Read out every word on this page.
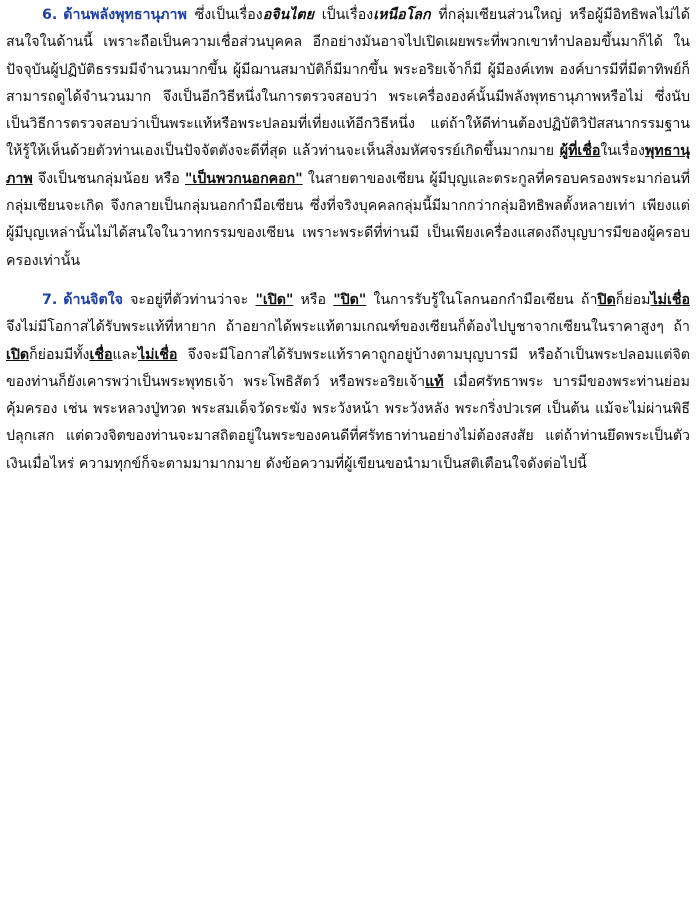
6. ด้านพลังพุทธานุภาพ ซึ่งเป็นเรื่องอจินไตย เป็นเรื่องเหนือโลก ที่กลุ่มเซียนส่วนใหญ่ หรือผู้มีอิทธิพลไม่ได้สนใจในด้านนี้ เพราะถือเป็นความเชื่อส่วนบุคคล อีกอย่างมันอาจไปเปิดเผยพระที่พวกเขาทำปลอมขึ้นมาก็ได้ ในปัจจุบันผู้ปฏิบัติธรรมมีจำนวนมากขึ้น ผู้มีฌานสมาบัติก็มีมากขึ้น พระอริยเจ้าก็มี ผู้มีองค์เทพ องค์บารมีที่มีตาทิพย์ก็สามารถดูได้จำนวนมาก จึงเป็นอีกวิธีหนึ่งในการตรวจสอบว่า พระเครื่ององค์นั้นมีพลังพุทธานุภาพหรือไม่ ซึ่งนับเป็นวิธีการตรวจสอบว่าเป็นพระแท้หรือพระปลอมที่เที่ยงแท้อีกวิธีหนึ่ง แต่ถ้าให้ดีท่านต้องปฏิบัติวิปัสสนากรรมฐานให้รู้ให้เห็นด้วยตัวท่านเองเป็นปัจจัตตังจะดีที่สุด แล้วท่านจะเห็นสิ่งมหัศจรรย์เกิดขึ้นมากมาย ผู้ที่เชื่อในเรื่องพุทธานุภาพ จึงเป็นชนกลุ่มน้อย หรือ "เป็นพวกนอกคอก" ในสายตาของเซียน ผู้มีบุญและตระกูลที่ครอบครองพระมาก่อนที่กลุ่มเซียนจะเกิด จึงกลายเป็นกลุ่มนอกกำมือเซียน ซึ่งที่จริงบุคคลกลุ่มนี้มีมากกว่ากลุ่มอิทธิพลตั้งหลายเท่า เพียงแต่ผู้มีบุญเหล่านั้นไม่ได้สนใจในวาทกรรมของเซียน เพราะพระดีที่ท่านมี เป็นเพียงเครื่องแสดงถึงบุญบารมีของผู้ครอบครองเท่านั้น

7. ด้านจิตใจ จะอยู่ที่ตัวท่านว่าจะ "เปิด" หรือ "ปิด" ในการรับรู้ในโลกนอกกำมือเซียน ถ้าปิดก็ย่อมไม่เชื่อ จึงไม่มีโอกาสได้รับพระแท้ที่หายาก ถ้าอยากได้พระแท้ตามเกณฑ์ของเซียนก็ต้องไปบูชาจากเซียนในราคาสูงๆ ถ้าเปิดก็ย่อมมีทั้งเชื่อและไม่เชื่อ จึงจะมีโอกาสได้รับพระแท้ราคาถูกอยู่บ้างตามบุญบารมี หรือถ้าเป็นพระปลอมแต่จิตของท่านก็ยังเคารพว่าเป็นพระพุทธเจ้า พระโพธิสัตว์ หรือพระอริยเจ้าแท้ เมื่อศรัทธาพระ บารมีของพระท่านย่อมคุ้มครอง เช่น พระหลวงปู่ทวด พระสมเด็จวัดระฆัง พระวังหน้า พระวังหลัง พระกริ่งปวเรศ เป็นต้น แม้จะไม่ผ่านพิธีปลุกเสก แต่ดวงจิตของท่านจะมาสถิตอยู่ในพระของคนดีที่ศรัทธาท่านอย่างไม่ต้องสงสัย แต่ถ้าท่านยึดพระเป็นตัวเงินเมื่อไหร่ ความทุกข์ก็จะตามมามากมาย ดังข้อความที่ผู้เขียนขอนำมาเป็นสติเตือนใจดังต่อไปนี้
